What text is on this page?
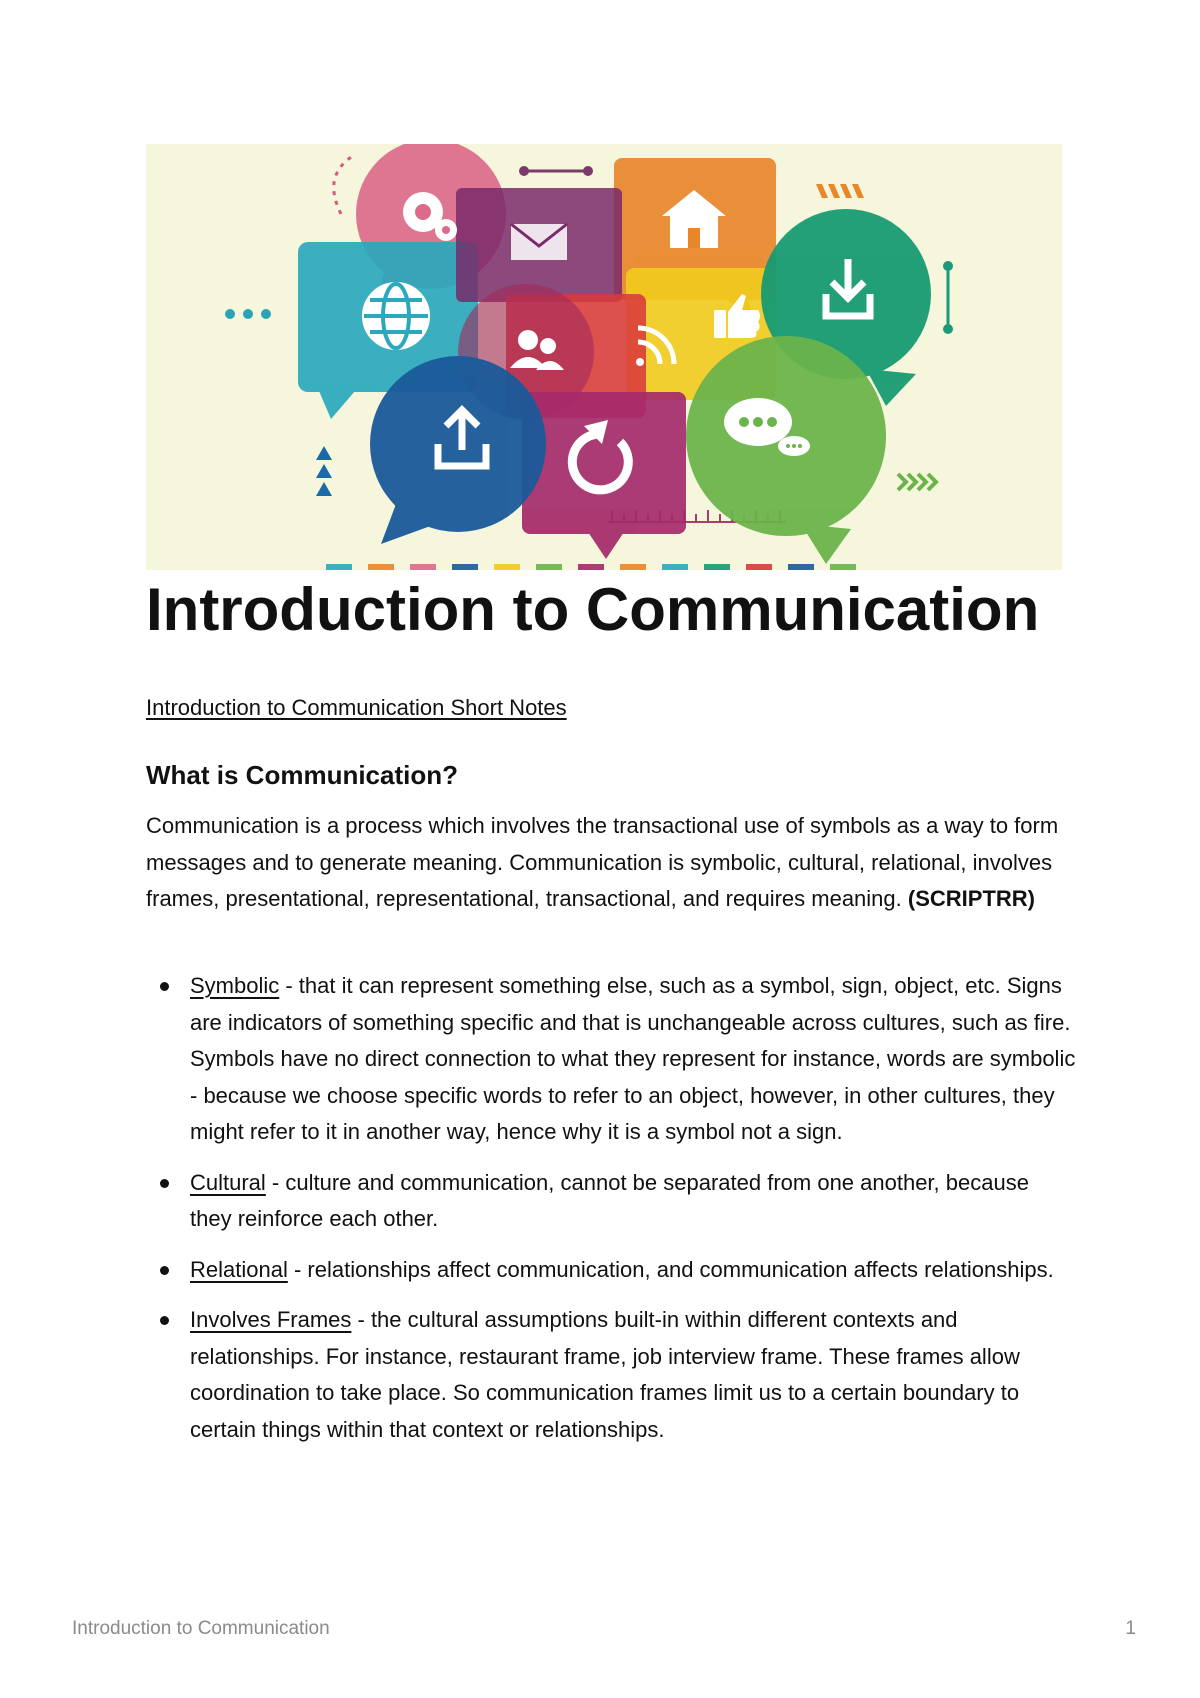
Introduction to Communication
Introduction to Communication Short Notes
What is Communication?

Communication is a process which involves the transactional use of symbols as a way to form messages and to generate meaning. Communication is symbolic, cultural, relational, involves frames, presentational, representational, transactional, and requires meaning. (SCRIPTRR)

Symbolic - that it can represent something else, such as a symbol, sign, object, etc. Signs are indicators of something specific and that is unchangeable across cultures, such as fire. Symbols have no direct connection to what they represent for instance, words are symbolic - because we choose specific words to refer to an object, however, in other cultures, they might refer to it in another way, hence why it is a symbol not a sign.
Cultural - culture and communication, cannot be separated from one another, because they reinforce each other.
Relational - relationships affect communication, and communication affects relationships.
Involves Frames - the cultural assumptions built-in within different contexts and relationships. For instance, restaurant frame, job interview frame. These frames allow coordination to take place. So communication frames limit us to a certain boundary to certain things within that context or relationships.
Introduction to Communication	1
